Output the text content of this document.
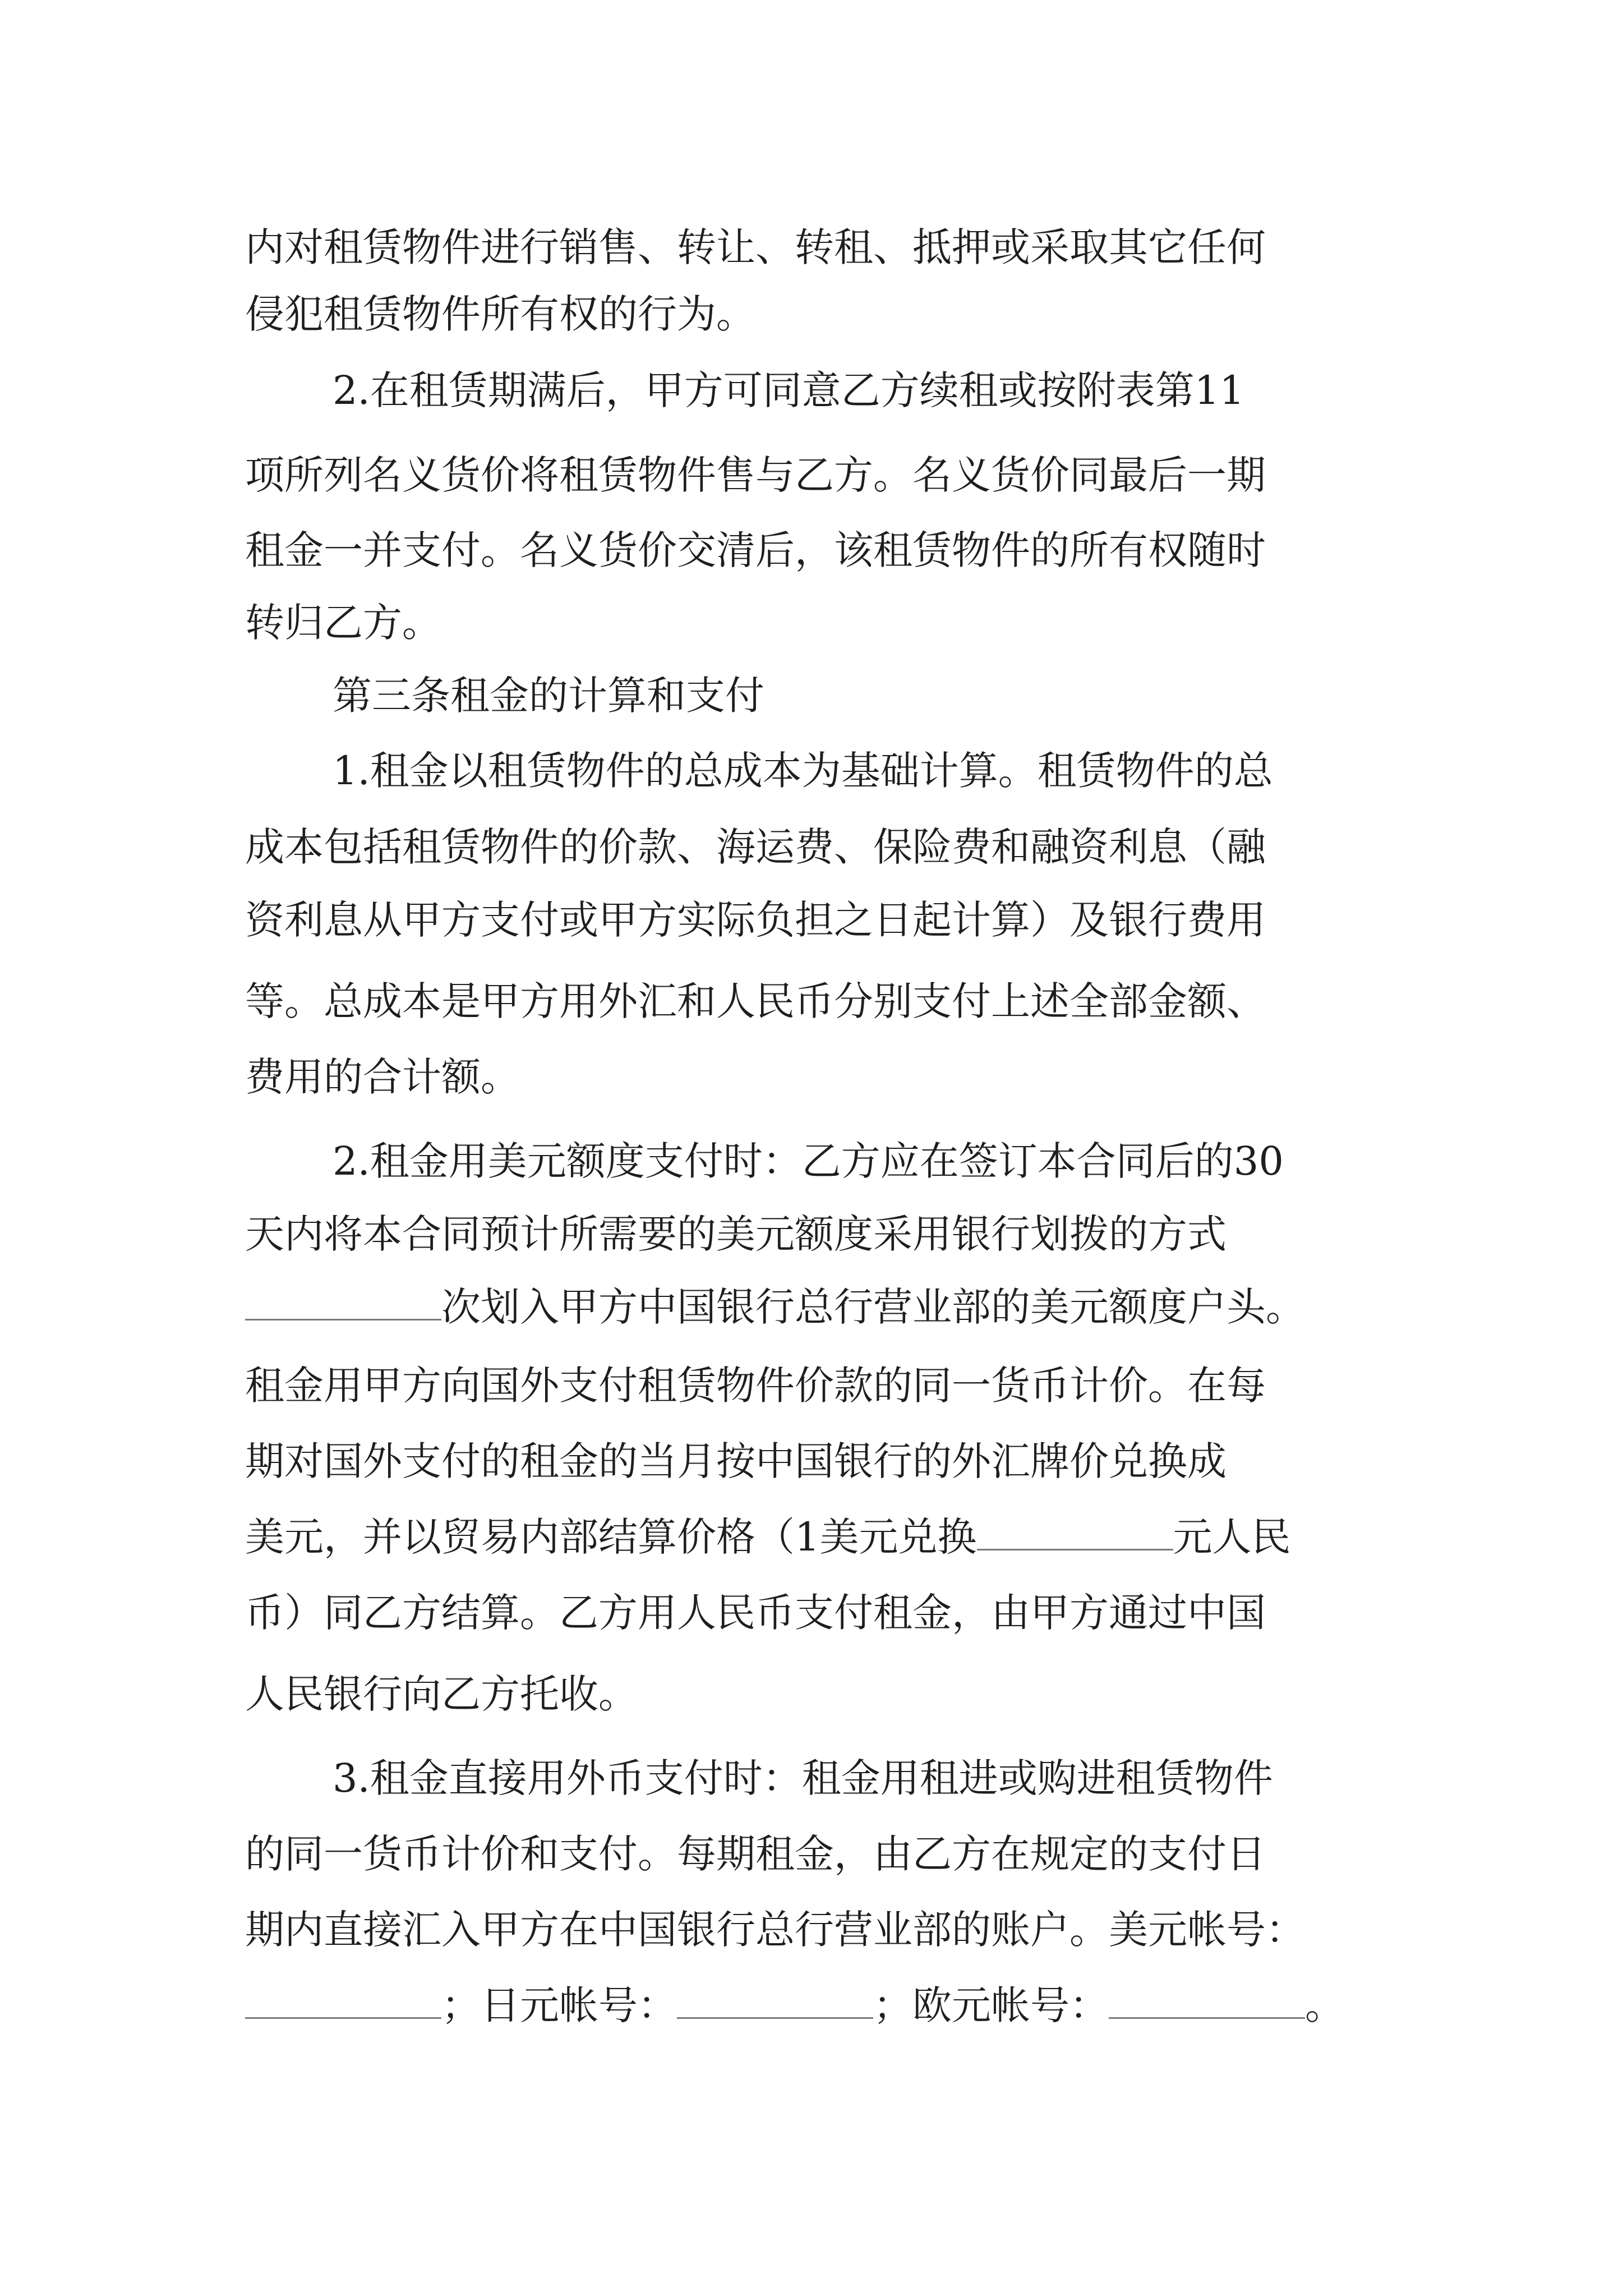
内对租赁物件进行销售、转让、转租、抵押或采取其它任何
侵犯租赁物件所有权的行为。
2.在租赁期满后，甲方可同意乙方续租或按附表第11
项所列名义货价将租赁物件售与乙方。名义货价同最后一期
租金一并支付。名义货价交清后，该租赁物件的所有权随时
转归乙方。
第三条租金的计算和支付
1.租金以租赁物件的总成本为基础计算。租赁物件的总
成本包括租赁物件的价款、海运费、保险费和融资利息（融
资利息从甲方支付或甲方实际负担之日起计算）及银行费用
等。总成本是甲方用外汇和人民币分别支付上述全部金额、
费用的合计额。
2.租金用美元额度支付时：乙方应在签订本合同后的30
天内将本合同预计所需要的美元额度采用银行划拨的方式
次划入甲方中国银行总行营业部的美元额度户头。
租金用甲方向国外支付租赁物件价款的同一货币计价。在每
期对国外支付的租金的当月按中国银行的外汇牌价兑换成
美元，并以贸易内部结算价格（1美元兑换	元人民
币）同乙方结算。乙方用人民币支付租金，由甲方通过中国
人民银行向乙方托收。
3.租金直接用外币支付时：租金用租进或购进租赁物件
的同一货币计价和支付。每期租金，由乙方在规定的支付日
期内直接汇入甲方在中国银行总行营业部的账户。美元帐号：
；日元帐号：	；欧元帐号：	。
